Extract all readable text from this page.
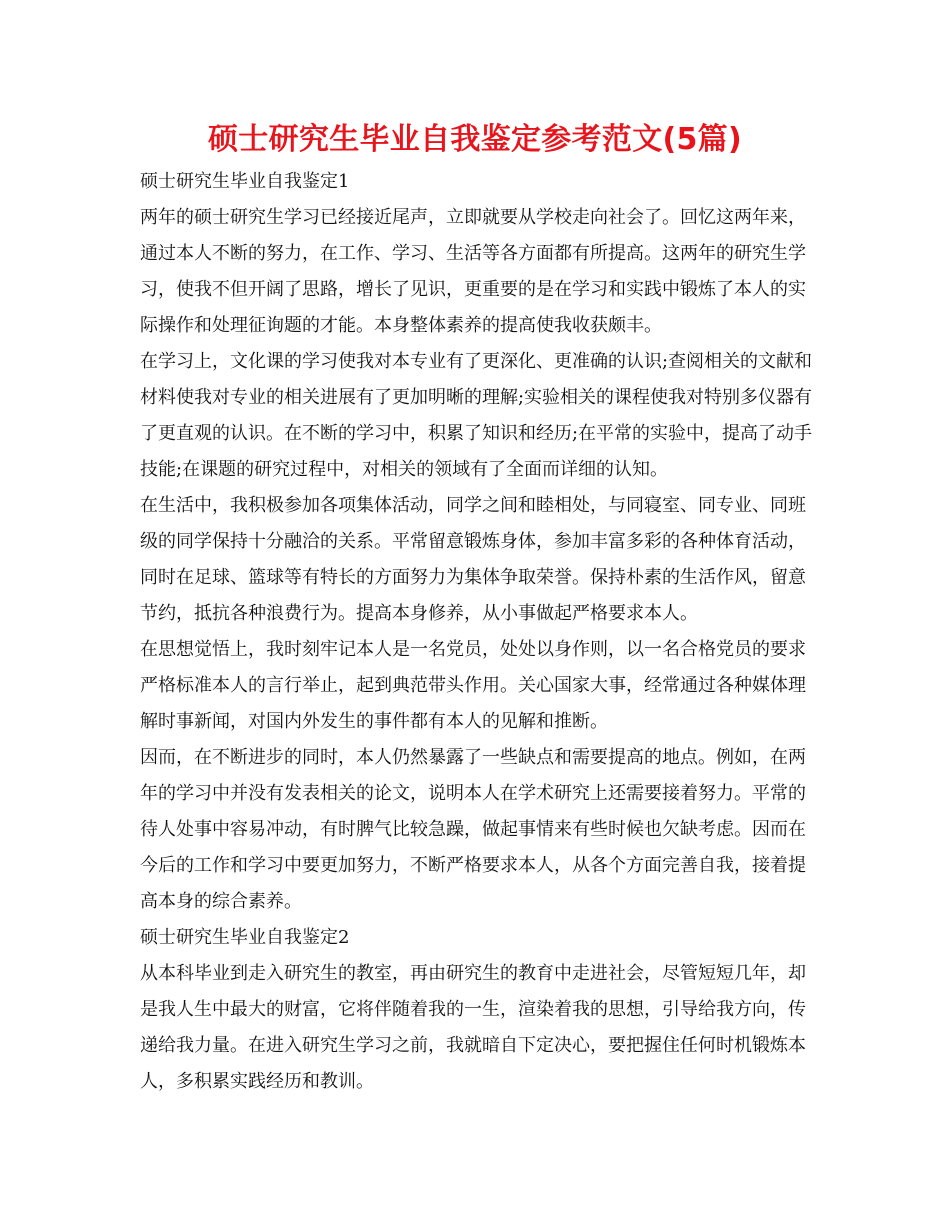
硕士研究生毕业自我鉴定参考范文(5篇)

硕士研究生毕业自我鉴定1

两年的硕士研究生学习已经接近尾声，立即就要从学校走向社会了。回忆这两年来，通过本人不断的努力，在工作、学习、生活等各方面都有所提高。这两年的研究生学习，使我不但开阔了思路，增长了见识，更重要的是在学习和实践中锻炼了本人的实际操作和处理征询题的才能。本身整体素养的提高使我收获颇丰。

在学习上，文化课的学习使我对本专业有了更深化、更准确的认识;查阅相关的文献和材料使我对专业的相关进展有了更加明晰的理解;实验相关的课程使我对特别多仪器有了更直观的认识。在不断的学习中，积累了知识和经历;在平常的实验中，提高了动手技能;在课题的研究过程中，对相关的领域有了全面而详细的认知。

在生活中，我积极参加各项集体活动，同学之间和睦相处，与同寝室、同专业、同班级的同学保持十分融洽的关系。平常留意锻炼身体，参加丰富多彩的各种体育活动，同时在足球、篮球等有特长的方面努力为集体争取荣誉。保持朴素的生活作风，留意节约，抵抗各种浪费行为。提高本身修养，从小事做起严格要求本人。

在思想觉悟上，我时刻牢记本人是一名党员，处处以身作则，以一名合格党员的要求严格标准本人的言行举止，起到典范带头作用。关心国家大事，经常通过各种媒体理解时事新闻，对国内外发生的事件都有本人的见解和推断。

因而，在不断进步的同时，本人仍然暴露了一些缺点和需要提高的地点。例如，在两年的学习中并没有发表相关的论文，说明本人在学术研究上还需要接着努力。平常的待人处事中容易冲动，有时脾气比较急躁，做起事情来有些时候也欠缺考虑。因而在今后的工作和学习中要更加努力，不断严格要求本人，从各个方面完善自我，接着提高本身的综合素养。

硕士研究生毕业自我鉴定2

从本科毕业到走入研究生的教室，再由研究生的教育中走进社会，尽管短短几年，却是我人生中最大的财富，它将伴随着我的一生，渲染着我的思想，引导给我方向，传递给我力量。在进入研究生学习之前，我就暗自下定决心，要把握住任何时机锻炼本人，多积累实践经历和教训。
